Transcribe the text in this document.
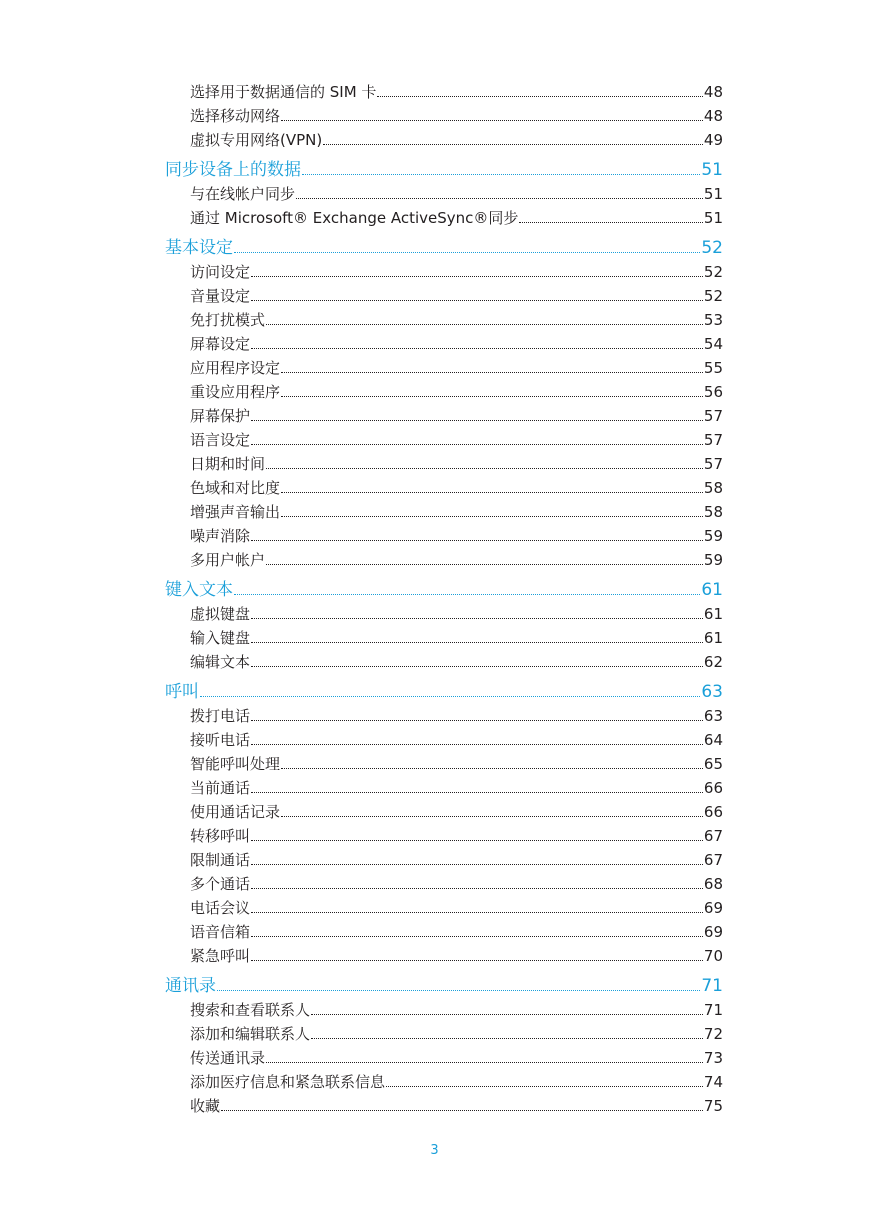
选择用于数据通信的 SIM 卡	48
选择移动网络	48
虚拟专用网络(VPN)	49
同步设备上的数据	51
与在线帐户同步	51
通过 Microsoft® Exchange ActiveSync®同步	51
基本设定	52
访问设定	52
音量设定	52
免打扰模式	53
屏幕设定	54
应用程序设定	55
重设应用程序	56
屏幕保护	57
语言设定	57
日期和时间	57
色域和对比度	58
增强声音输出	58
噪声消除	59
多用户帐户	59
键入文本	61
虚拟键盘	61
输入键盘	61
编辑文本	62
呼叫	63
拨打电话	63
接听电话	64
智能呼叫处理	65
当前通话	66
使用通话记录	66
转移呼叫	67
限制通话	67
多个通话	68
电话会议	69
语音信箱	69
紧急呼叫	70
通讯录	71
搜索和查看联系人	71
添加和编辑联系人	72
传送通讯录	73
添加医疗信息和紧急联系信息	74
收藏	75
3
